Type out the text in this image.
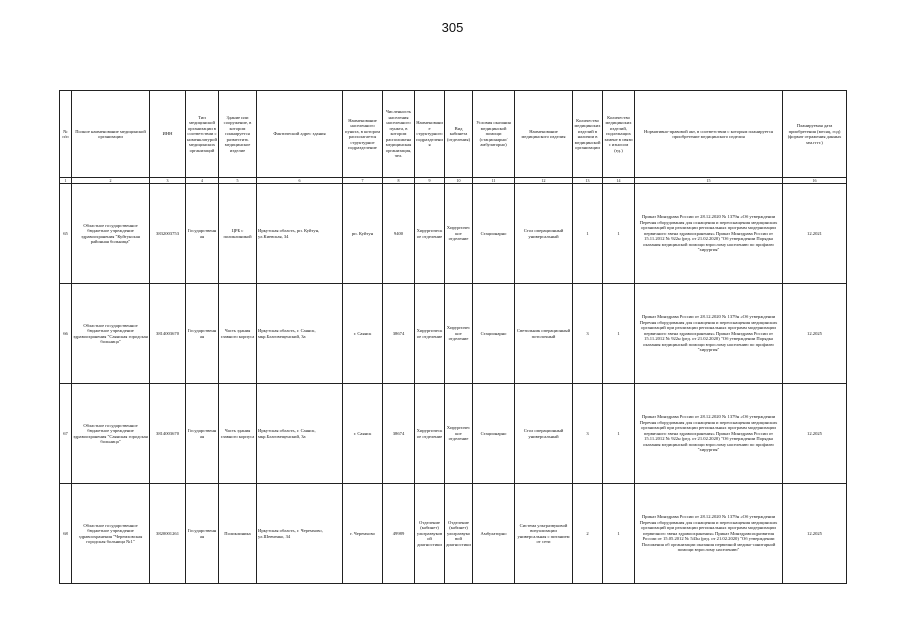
305
№ п/п	Полное наименование медицинской организации	ИНН	Тип медицинской организации в соответствии с номенклатурой медицинских организаций	Здание или сооружение, в котором планируется разместить медицинское изделие	Фактический адрес здания	Наименование населенного пункта, в котором располагается структурное подразделение	Численность населения населенного пункта, в котором расположена медицинская организация, чел.	Наименование структурного подразделения	Вид кабинета (отделения)	Условия оказания медицинской помощи (стационарно/амбулаторно)	Наименование медицинского изделия	Количество медицинских изделий в наличии в медицинской организации	Количество медицинских изделий, подлежащих замене в связи с износом (ед.)	Нормативно-правовой акт, в соответствии с которым планируется приобретение медицинского изделия	Планируемая дата приобретения (месяц, год) (формат отражения данных мм.гггг.)
1	2	3	4	5	6	7	8	9	10	11	12	13	14	15	16
65	Областное государственное бюджетное учреждение здравоохранения "Куйтунская районная больница"	3832003753	Государственная	ЦРБ с поликлиникой	Иркутская область, рп. Куйтун, ул.Киевская, 34	рп. Куйтун	9400	Хирургическое отделение	Хирургическое отделение	Стационарно	Стол операционный универсальный	1	1	Приказ Минздрава России от 28.12.2020 № 1379н «Об утверждении Перечня оборудования для оснащения и переоснащения медицинских организаций при реализации региональных программ модернизации первичного звена здравоохранения» Приказ Минздрава России от 15.11.2012 № 922н (ред. от 21.02.2020) "Об утверждении Порядка оказания медицинской помощи взрослому населению по профилю "хирургия"	12.2021
66	Областное государственное бюджетное учреждение здравоохранения "Саянская городская больница"	3814003670	Государственная	Часть здания главного корпуса	Иркутская область, г. Саянск, мкр.Благовещенский, 3а	г. Саянск	38674	Хирургическое отделение	Хирургическое отделение	Стационарно	Светильник операционный потолочный	3	1	Приказ Минздрава России от 28.12.2020 № 1379н «Об утверждении Перечня оборудования для оснащения и переоснащения медицинских организаций при реализации региональных программ модернизации первичного звена здравоохранения» Приказ Минздрава России от 15.11.2012 № 922н (ред. от 21.02.2020) "Об утверждении Порядка оказания медицинской помощи взрослому населению по профилю "хирургия"	12.2025
67	Областное государственное бюджетное учреждение здравоохранения "Саянская городская больница"	3814003670	Государственная	Часть здания главного корпуса	Иркутская область, г. Саянск, мкр.Благовещенский, 3а	г. Саянск	38674	Хирургическое отделение	Хирургическое отделение	Стационарно	Стол операционный универсальный	3	1	Приказ Минздрава России от 28.12.2020 № 1379н «Об утверждении Перечня оборудования для оснащения и переоснащения медицинских организаций при реализации региональных программ модернизации первичного звена здравоохранения» Приказ Минздрава России от 15.11.2012 № 922н (ред. от 21.02.2020) "Об утверждении Порядка оказания медицинской помощи взрослому населению по профилю "хирургия"	12.2025
68	Областное государственное бюджетное учреждение здравоохранения "Черемховская городская больница №1"	3820001261	Государственная	Поликлиника	Иркутская область, г. Черемхово, ул.Шевченко, 34	г. Черемхово	49989	Отделение (кабинет) ультразвуковой диагностики	Отделение (кабинет) ультразвуковой диагностики	Амбулаторно	Система ультразвуковой визуализации универсальная с питанием от сети	2	1	Приказ Минздрава России от 28.12.2020 № 1379н «Об утверждении Перечня оборудования для оснащения и переоснащения медицинских организаций при реализации региональных программ модернизации первичного звена здравоохранения» Приказ Минздравсоцразвития России от 15.05.2012 № 543н (ред. от 21.02.2020) "Об утверждении Положения об организации оказания первичной медико-санитарной помощи взрослому населению"	12.2025
